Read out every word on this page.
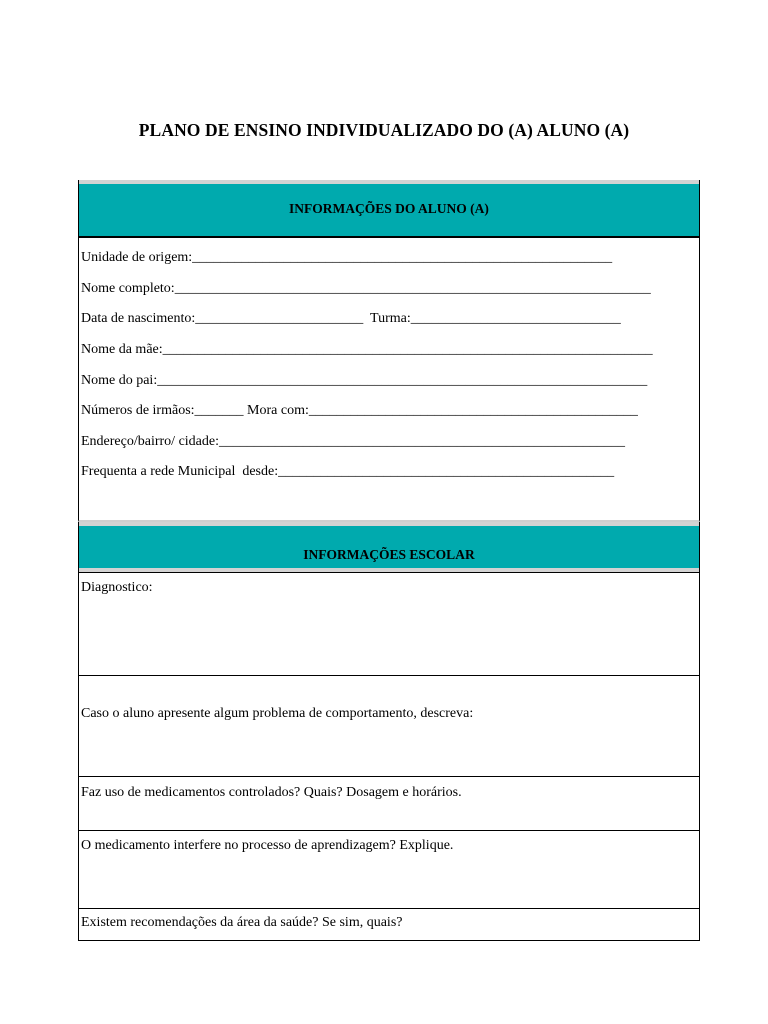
PLANO DE ENSINO INDIVIDUALIZADO DO (A) ALUNO (A)
INFORMAÇÕES DO ALUNO (A)
Unidade de origem:____________________________________________________________
Nome completo:____________________________________________________________________
Data de nascimento:________________________  Turma:______________________________
Nome da mãe:______________________________________________________________________
Nome do pai:______________________________________________________________________
Números de irmãos:_______ Mora com:_______________________________________________
Endereço/bairro/ cidade:__________________________________________________________
Frequenta a rede Municipal  desde:________________________________________________
INFORMAÇÕES ESCOLAR
Diagnostico:
Caso o aluno apresente algum problema de comportamento, descreva:
Faz uso de medicamentos controlados? Quais? Dosagem e horários.
O medicamento interfere no processo de aprendizagem? Explique.
Existem recomendações da área da saúde? Se sim, quais?
